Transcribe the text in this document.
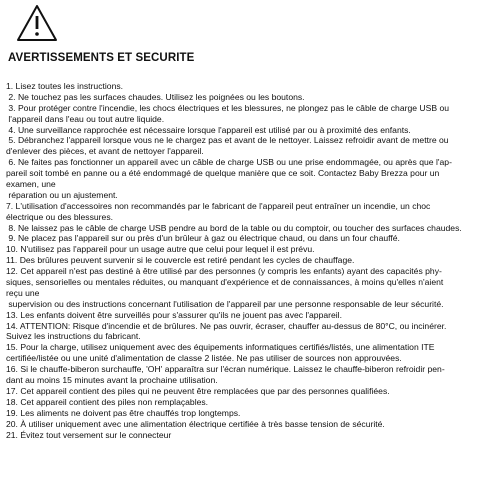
AVERTISSEMENTS ET SECURITE
1. Lisez toutes les instructions.
2. Ne touchez pas les surfaces chaudes. Utilisez les poignées ou les boutons.
3. Pour protéger contre l'incendie, les chocs électriques et les blessures, ne plongez pas le câble de charge USB ou
l'appareil dans l'eau ou tout autre liquide.
4. Une surveillance rapprochée est nécessaire lorsque l'appareil est utilisé par ou à proximité des enfants.
5. Débranchez l'appareil lorsque vous ne le chargez pas et avant de le nettoyer. Laissez refroidir avant de mettre ou
d'enlever des pièces, et avant de nettoyer l'appareil.
6. Ne faites pas fonctionner un appareil avec un câble de charge USB ou une prise endommagée, ou après que l'ap-
pareil soit tombé en panne ou a été endommagé de quelque manière que ce soit. Contactez Baby Brezza pour un
examen, une
réparation ou un ajustement.
7. L'utilisation d'accessoires non recommandés par le fabricant de l'appareil peut entraîner un incendie, un choc
électrique ou des blessures.
8. Ne laissez pas le câble de charge USB pendre au bord de la table ou du comptoir, ou toucher des surfaces chaudes.
9. Ne placez pas l'appareil sur ou près d'un brûleur à gaz ou électrique chaud, ou dans un four chauffé.
10. N'utilisez pas l'appareil pour un usage autre que celui pour lequel il est prévu.
11. Des brûlures peuvent survenir si le couvercle est retiré pendant les cycles de chauffage.
12. Cet appareil n'est pas destiné à être utilisé par des personnes (y compris les enfants) ayant des capacités phy-
siques, sensorielles ou mentales réduites, ou manquant d'expérience et de connaissances, à moins qu'elles n'aient
reçu une
supervision ou des instructions concernant l'utilisation de l'appareil par une personne responsable de leur sécurité.
13. Les enfants doivent être surveillés pour s'assurer qu'ils ne jouent pas avec l'appareil.
14. ATTENTION: Risque d'incendie et de brûlures. Ne pas ouvrir, écraser, chauffer au-dessus de 80°C, ou incinérer.
Suivez les instructions du fabricant.
15. Pour la charge, utilisez uniquement avec des équipements informatiques certifiés/listés, une alimentation ITE
certifiée/listée ou une unité d'alimentation de classe 2 listée. Ne pas utiliser de sources non approuvées.
16. Si le chauffe-biberon surchauffe, 'OH' apparaîtra sur l'écran numérique. Laissez le chauffe-biberon refroidir pen-
dant au moins 15 minutes avant la prochaine utilisation.
17. Cet appareil contient des piles qui ne peuvent être remplacées que par des personnes qualifiées.
18. Cet appareil contient des piles non remplaçables.
19. Les aliments ne doivent pas être chauffés trop longtemps.
20. À utiliser uniquement avec une alimentation électrique certifiée à très basse tension de sécurité.
21. Évitez tout versement sur le connecteur
